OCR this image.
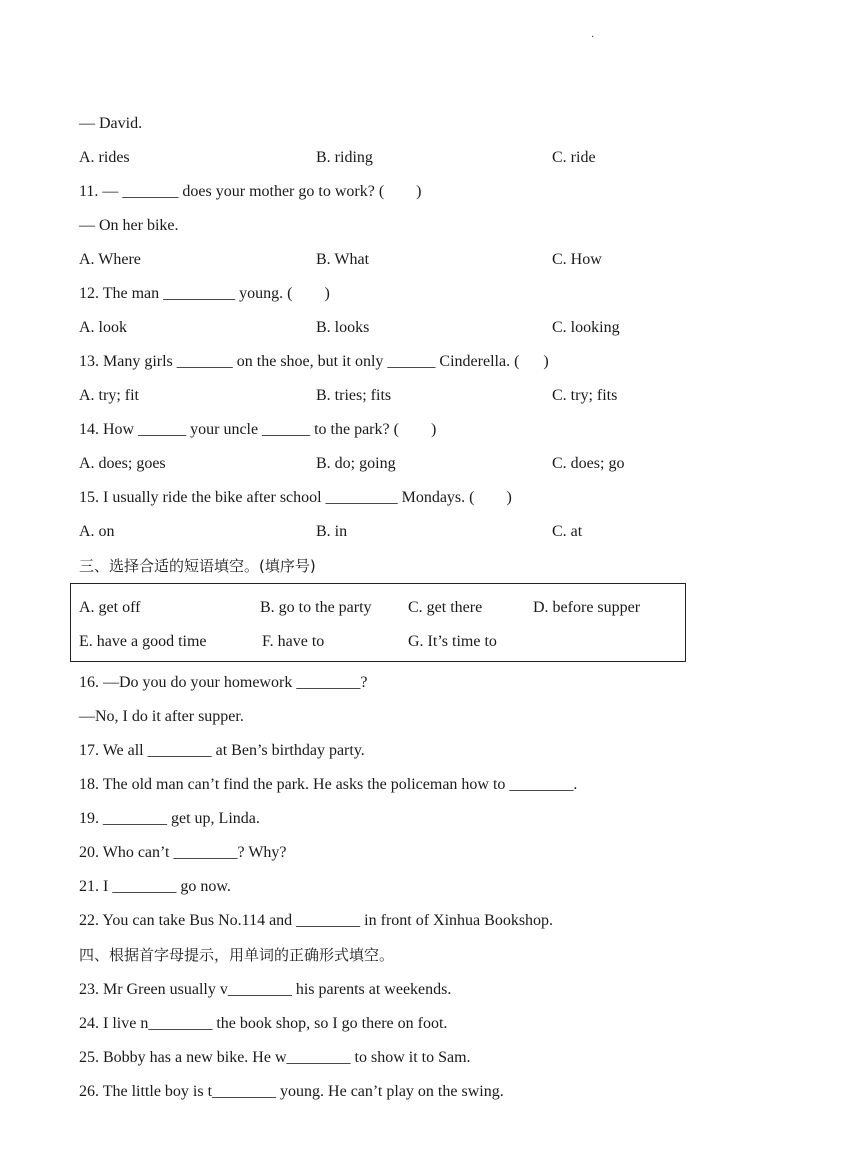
·
— David.
A. rides	B. riding	C. ride
11. — _______ does your mother go to work? (        )
— On her bike.
A. Where	B. What	C. How
12. The man _________ young. (        )
A. look	B. looks	C. looking
13. Many girls _______ on the shoe, but it only ______ Cinderella. (      )
A. try; fit	B. tries; fits	C. try; fits
14. How ______ your uncle ______ to the park? (        )
A. does; goes	B. do; going	C. does; go
15. I usually ride the bike after school _________ Mondays. (        )
A. on	B. in	C. at
三、选择合适的短语填空。(填序号)
A. get off	B. go to the party C. get there	D. before supper
E. have a good time	F. have to	G. It’s time to
16. —Do you do your homework ________?
—No, I do it after supper.
17. We all ________ at Ben’s birthday party.
18. The old man can’t find the park. He asks the policeman how to ________.
19. ________ get up, Linda.
20. Who can’t ________? Why?
21. I ________ go now.
22. You can take Bus No.114 and ________ in front of Xinhua Bookshop.
四、根据首字母提示，用单词的正确形式填空。
23. Mr Green usually v________ his parents at weekends.
24. I live n________ the book shop, so I go there on foot.
25. Bobby has a new bike. He w________ to show it to Sam.
26. The little boy is t________ young. He can’t play on the swing.
